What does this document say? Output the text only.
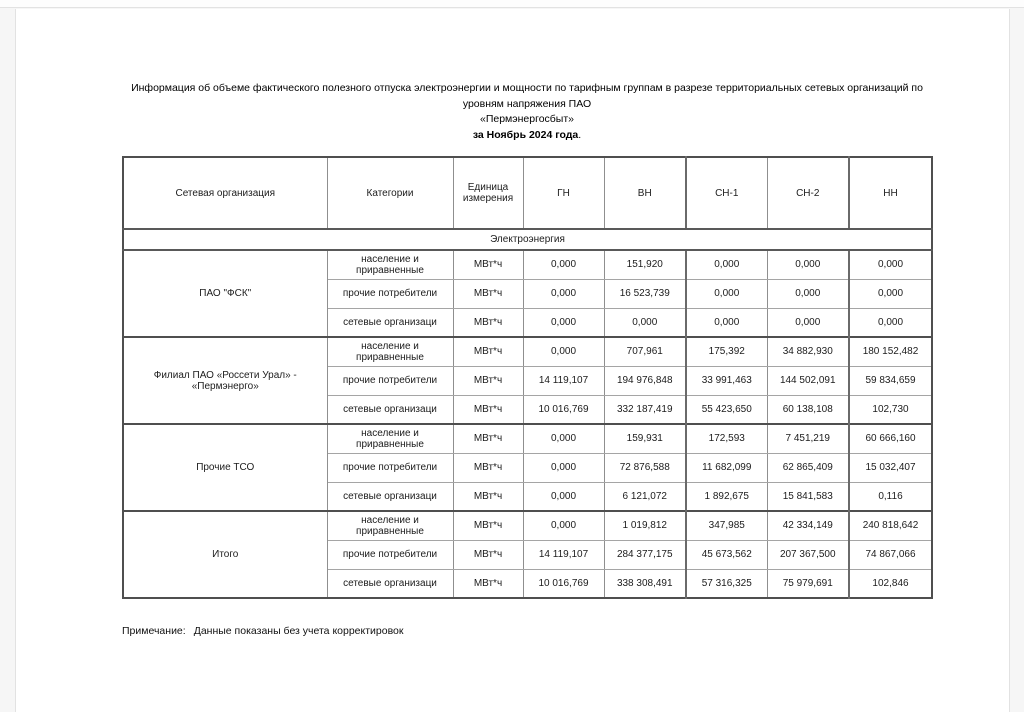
Информация об объеме фактического полезного отпуска электроэнергии и мощности по тарифным группам в разрезе территориальных сетевых организаций по уровням напряжения ПАО
«Пермэнергосбыт»
за Ноябрь 2024 года.
Сетевая организация	Категории	Единица измерения	ГН	ВН	СН-1	СН-2	НН
Электроэнергия							
ПАО "ФСК"	население и приравненные	МВт*ч	0,000	151,920	0,000	0,000	0,000
	прочие потребители	МВт*ч	0,000	16 523,739	0,000	0,000	0,000
	сетевые организаци	МВт*ч	0,000	0,000	0,000	0,000	0,000
Филиал ПАО «Россети Урал» - «Пермэнерго»	население и приравненные	МВт*ч	0,000	707,961	175,392	34 882,930	180 152,482
	прочие потребители	МВт*ч	14 119,107	194 976,848	33 991,463	144 502,091	59 834,659
	сетевые организаци	МВт*ч	10 016,769	332 187,419	55 423,650	60 138,108	102,730
Прочие ТСО	население и приравненные	МВт*ч	0,000	159,931	172,593	7 451,219	60 666,160
	прочие потребители	МВт*ч	0,000	72 876,588	11 682,099	62 865,409	15 032,407
	сетевые организаци	МВт*ч	0,000	6 121,072	1 892,675	15 841,583	0,116
Итого	население и приравненные	МВт*ч	0,000	1 019,812	347,985	42 334,149	240 818,642
	прочие потребители	МВт*ч	14 119,107	284 377,175	45 673,562	207 367,500	74 867,066
	сетевые организаци	МВт*ч	10 016,769	338 308,491	57 316,325	75 979,691	102,846
Примечание: Данные показаны без учета корректировок
